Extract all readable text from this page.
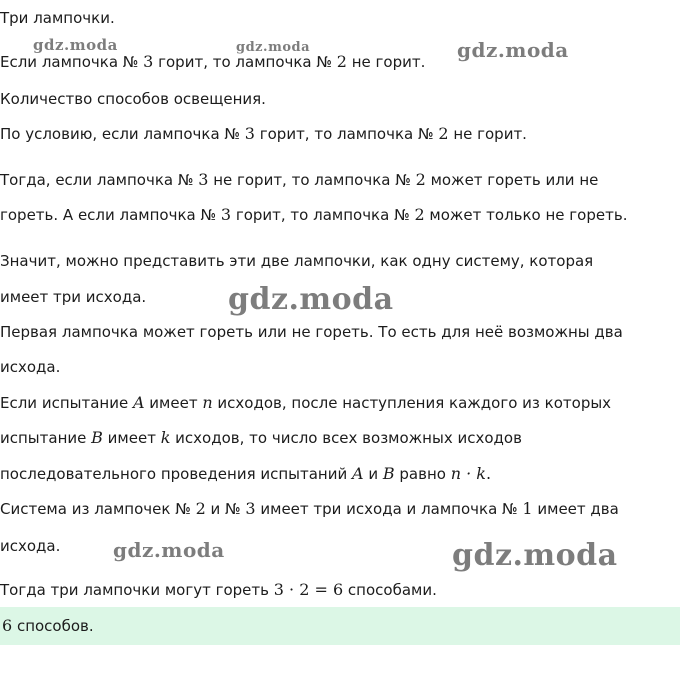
gdz.moda	gdz.moda	gdz.moda
gdz.moda
gdz.moda	gdz.moda
Три лампочки.
Если лампочка № 3 горит, то лампочка № 2 не горит.
Количество способов освещения.
По условию, если лампочка № 3 горит, то лампочка № 2 не горит.
Тогда, если лампочка № 3 не горит, то лампочка № 2 может гореть или не
гореть. А если лампочка № 3 горит, то лампочка № 2 может только не гореть.
Значит, можно представить эти две лампочки, как одну систему, которая
имеет три исхода.
Первая лампочка может гореть или не гореть. То есть для неё возможны два
исхода.
Если испытание A имеет n исходов, после наступления каждого из которых
испытание B имеет k исходов, то число всех возможных исходов
последовательного проведения испытаний A и B равно n · k.
Система из лампочек № 2 и № 3 имеет три исхода и лампочка № 1 имеет два
исхода.
Тогда три лампочки могут гореть 3 · 2 = 6 способами.
6 способов.
